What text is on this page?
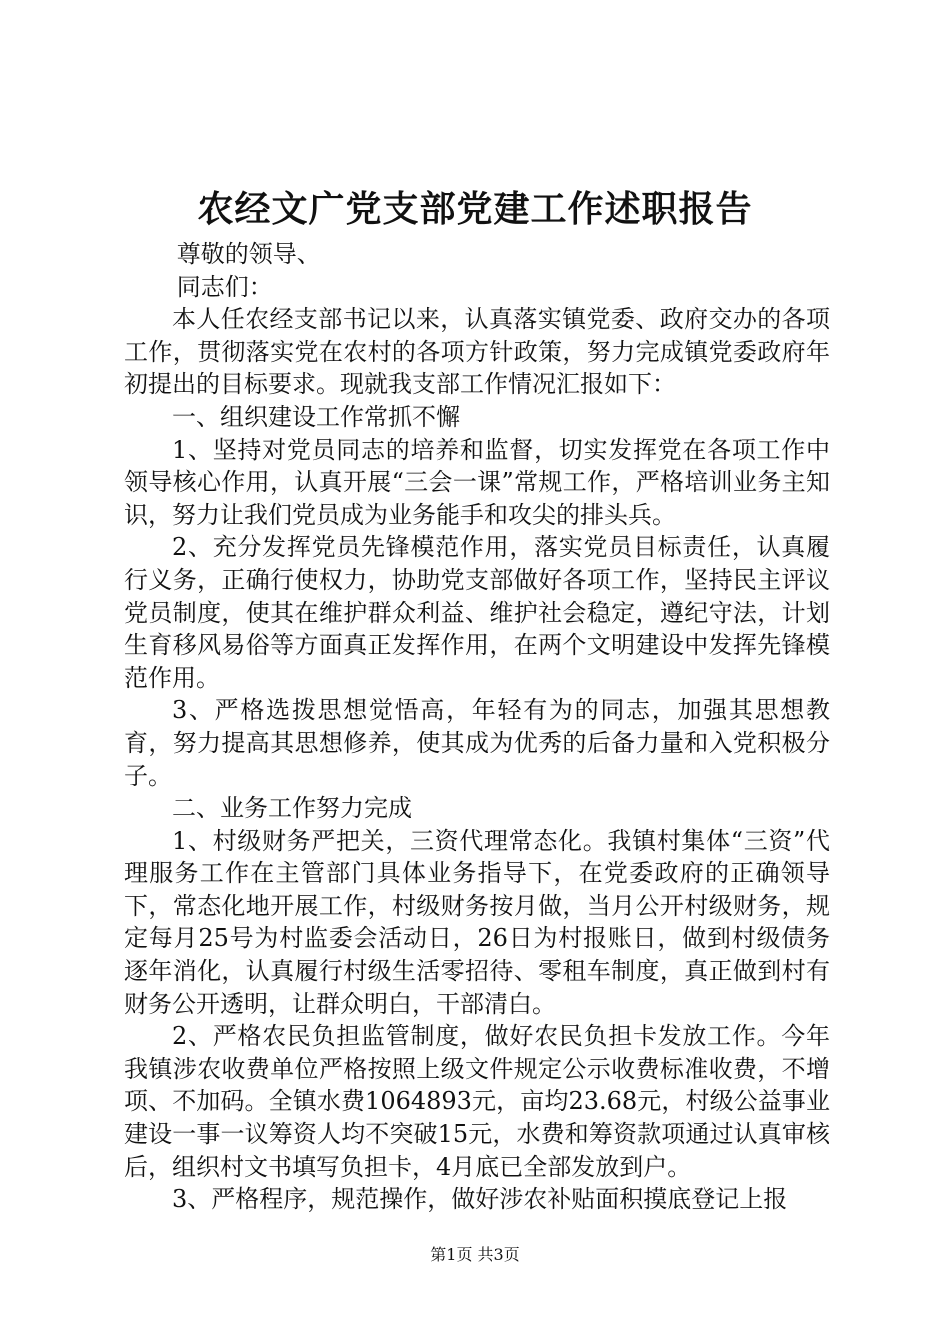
农经文广党支部党建工作述职报告

尊敬的领导、

同志们：

本人任农经支部书记以来，认真落实镇党委、政府交办的各项工作，贯彻落实党在农村的各项方针政策，努力完成镇党委政府年初提出的目标要求。现就我支部工作情况汇报如下：

一、组织建设工作常抓不懈

1、坚持对党员同志的培养和监督，切实发挥党在各项工作中领导核心作用，认真开展“三会一课”常规工作，严格培训业务主知识，努力让我们党员成为业务能手和攻尖的排头兵。

2、充分发挥党员先锋模范作用，落实党员目标责任，认真履行义务，正确行使权力，协助党支部做好各项工作，坚持民主评议党员制度，使其在维护群众利益、维护社会稳定，遵纪守法，计划生育移风易俗等方面真正发挥作用，在两个文明建设中发挥先锋模范作用。

3、严格选拨思想觉悟高，年轻有为的同志，加强其思想教育，努力提高其思想修养，使其成为优秀的后备力量和入党积极分子。

二、业务工作努力完成

1、村级财务严把关，三资代理常态化。我镇村集体“三资”代理服务工作在主管部门具体业务指导下，在党委政府的正确领导下，常态化地开展工作，村级财务按月做，当月公开村级财务，规定每月25号为村监委会活动日，26日为村报账日，做到村级债务逐年消化，认真履行村级生活零招待、零租车制度，真正做到村有财务公开透明，让群众明白，干部清白。

2、严格农民负担监管制度，做好农民负担卡发放工作。今年我镇涉农收费单位严格按照上级文件规定公示收费标准收费，不增项、不加码。全镇水费1064893元，亩均23.68元，村级公益事业建设一事一议筹资人均不突破15元，水费和筹资款项通过认真审核后，组织村文书填写负担卡，4月底已全部发放到户。

3、严格程序，规范操作，做好涉农补贴面积摸底登记上报

第1页 共3页
